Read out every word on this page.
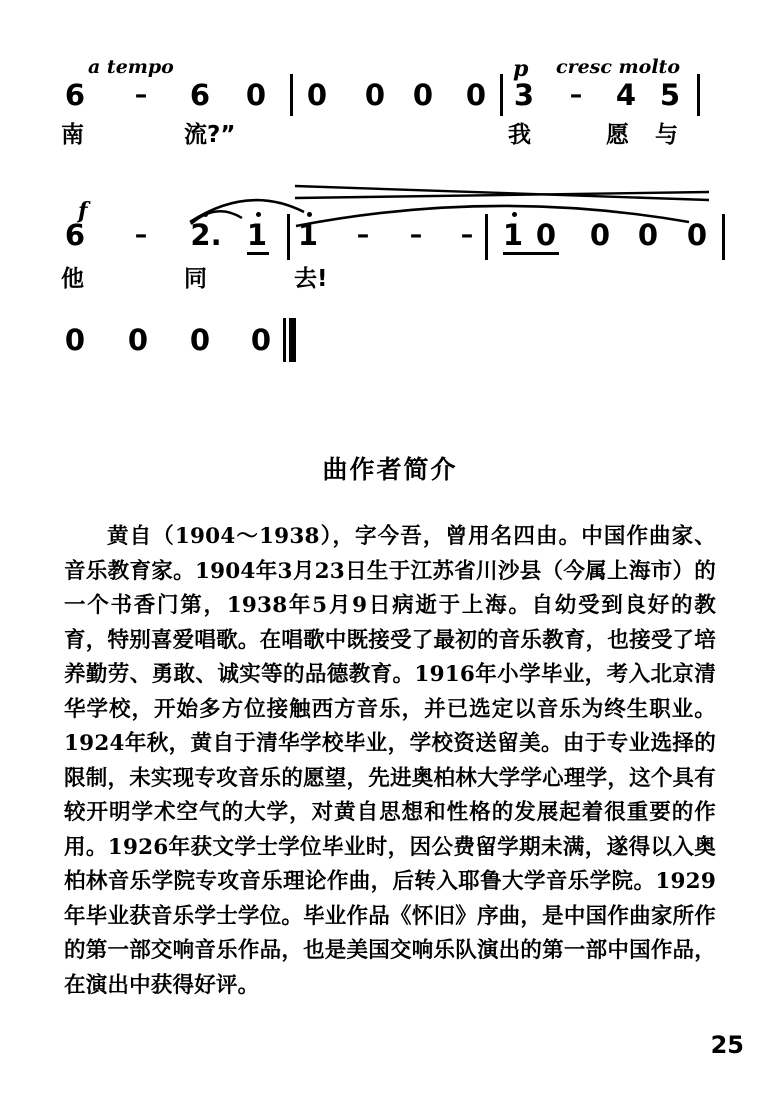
a tempo	p cresc molto
6 – 6 0 0 0 0 0 3 – 4 5
南	流?”	我	愿 与
f
6 – 2. 1 1 – – – 1 0 0 0 0
他	同	去!
0 0 0 0
曲作者简介
黄自（1904～1938），字今吾，曾用名四由。中国作曲家、音乐教育家。1904年3月23日生于江苏省川沙县（今属上海市）的一个书香门第，1938年5月9日病逝于上海。自幼受到良好的教育，特别喜爱唱歌。在唱歌中既接受了最初的音乐教育，也接受了培养勤劳、勇敢、诚实等的品德教育。1916年小学毕业，考入北京清华学校，开始多方位接触西方音乐，并已选定以音乐为终生职业。1924年秋，黄自于清华学校毕业，学校资送留美。由于专业选择的限制，未实现专攻音乐的愿望，先进奥柏林大学学心理学，这个具有较开明学术空气的大学，对黄自思想和性格的发展起着很重要的作用。1926年获文学士学位毕业时，因公费留学期未满，遂得以入奥柏林音乐学院专攻音乐理论作曲，后转入耶鲁大学音乐学院。1929年毕业获音乐学士学位。毕业作品《怀旧》序曲，是中国作曲家所作的第一部交响音乐作品，也是美国交响乐队演出的第一部中国作品，在演出中获得好评。
25
